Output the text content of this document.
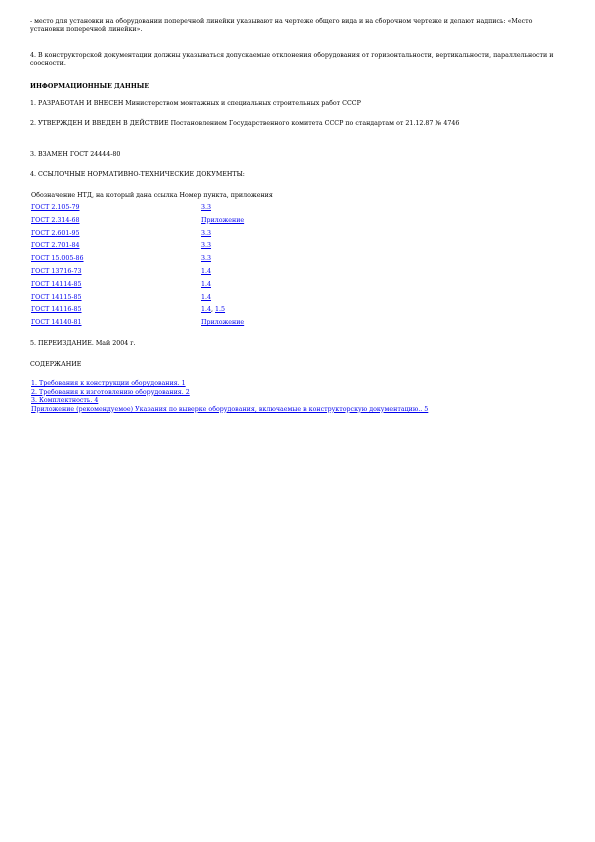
- место для установки на оборудовании поперечной линейки указывают на чертеже общего вида и на сборочном чертеже и делают надпись: «Место установки поперечной линейки».

4. В конструкторской документации должны указываться допускаемые отклонения оборудования от горизонтальности, вертикальности, параллельности и соосности.

ИНФОРМАЦИОННЫЕ ДАННЫЕ

1. РАЗРАБОТАН И ВНЕСЕН Министерством монтажных и специальных строительных работ СССР

2. УТВЕРЖДЕН И ВВЕДЕН В ДЕЙСТВИЕ Постановлением Государственного комитета СССР по стандартам от 21.12.87 № 4746

3. ВЗАМЕН ГОСТ 24444-80

4. ССЫЛОЧНЫЕ НОРМАТИВНО-ТЕХНИЧЕСКИЕ ДОКУМЕНТЫ:

Обозначение НТД, на который дана ссылка Номер пункта, приложения
ГОСТ 2.105-79	3.3
ГОСТ 2.314-68	Приложение
ГОСТ 2.601-95	3.3
ГОСТ 2.701-84	3.3
ГОСТ 15.005-86	3.3
ГОСТ 13716-73	1.4
ГОСТ 14114-85	1.4
ГОСТ 14115-85	1.4
ГОСТ 14116-85	1.4, 1.5
ГОСТ 14140-81	Приложение

5. ПЕРЕИЗДАНИЕ. Май 2004 г.

СОДЕРЖАНИЕ

1. Требования к конструкции оборудования. 1
2. Требования к изготовлению оборудования. 2
3. Комплектность. 4
Приложение (рекомендуемое) Указания по выверке оборудования, включаемые в конструкторскую документацию.. 5
